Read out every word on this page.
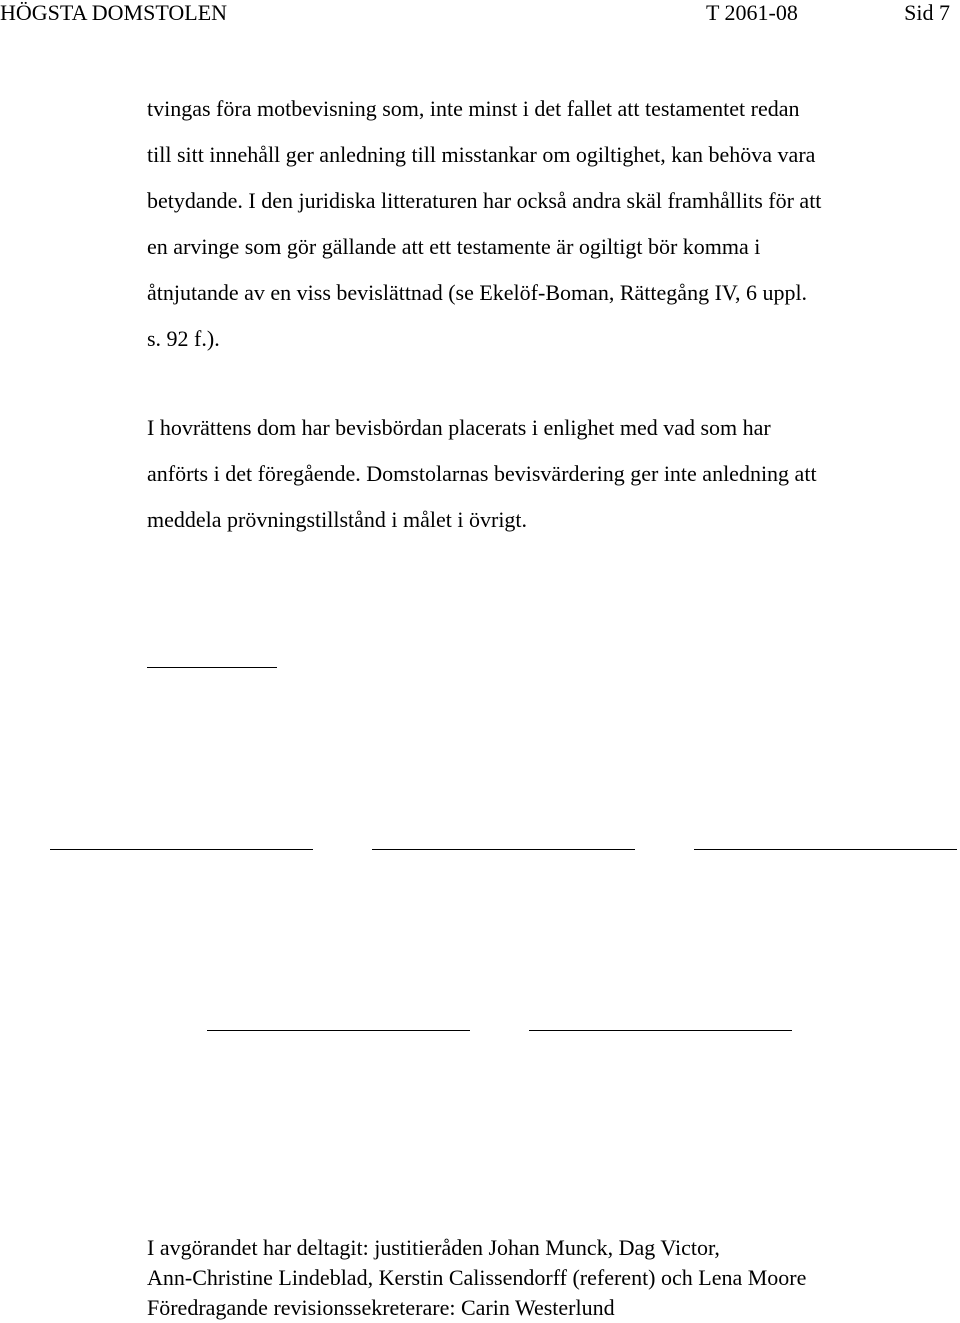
HÖGSTA DOMSTOLEN	T 2061-08	Sid 7

tvingas föra motbevisning som, inte minst i det fallet att testamentet redan
till sitt innehåll ger anledning till misstankar om ogiltighet, kan behöva vara
betydande. I den juridiska litteraturen har också andra skäl framhållits för att
en arvinge som gör gällande att ett testamente är ogiltigt bör komma i
åtnjutande av en viss bevislättnad (se Ekelöf-Boman, Rättegång IV, 6 uppl.
s. 92 f.).

I hovrättens dom har bevisbördan placerats i enlighet med vad som har
anförts i det föregående. Domstolarnas bevisvärdering ger inte anledning att
meddela prövningstillstånd i målet i övrigt.

I avgörandet har deltagit: justitieråden Johan Munck, Dag Victor,
Ann-Christine Lindeblad, Kerstin Calissendorff (referent) och Lena Moore
Föredragande revisionssekreterare: Carin Westerlund
